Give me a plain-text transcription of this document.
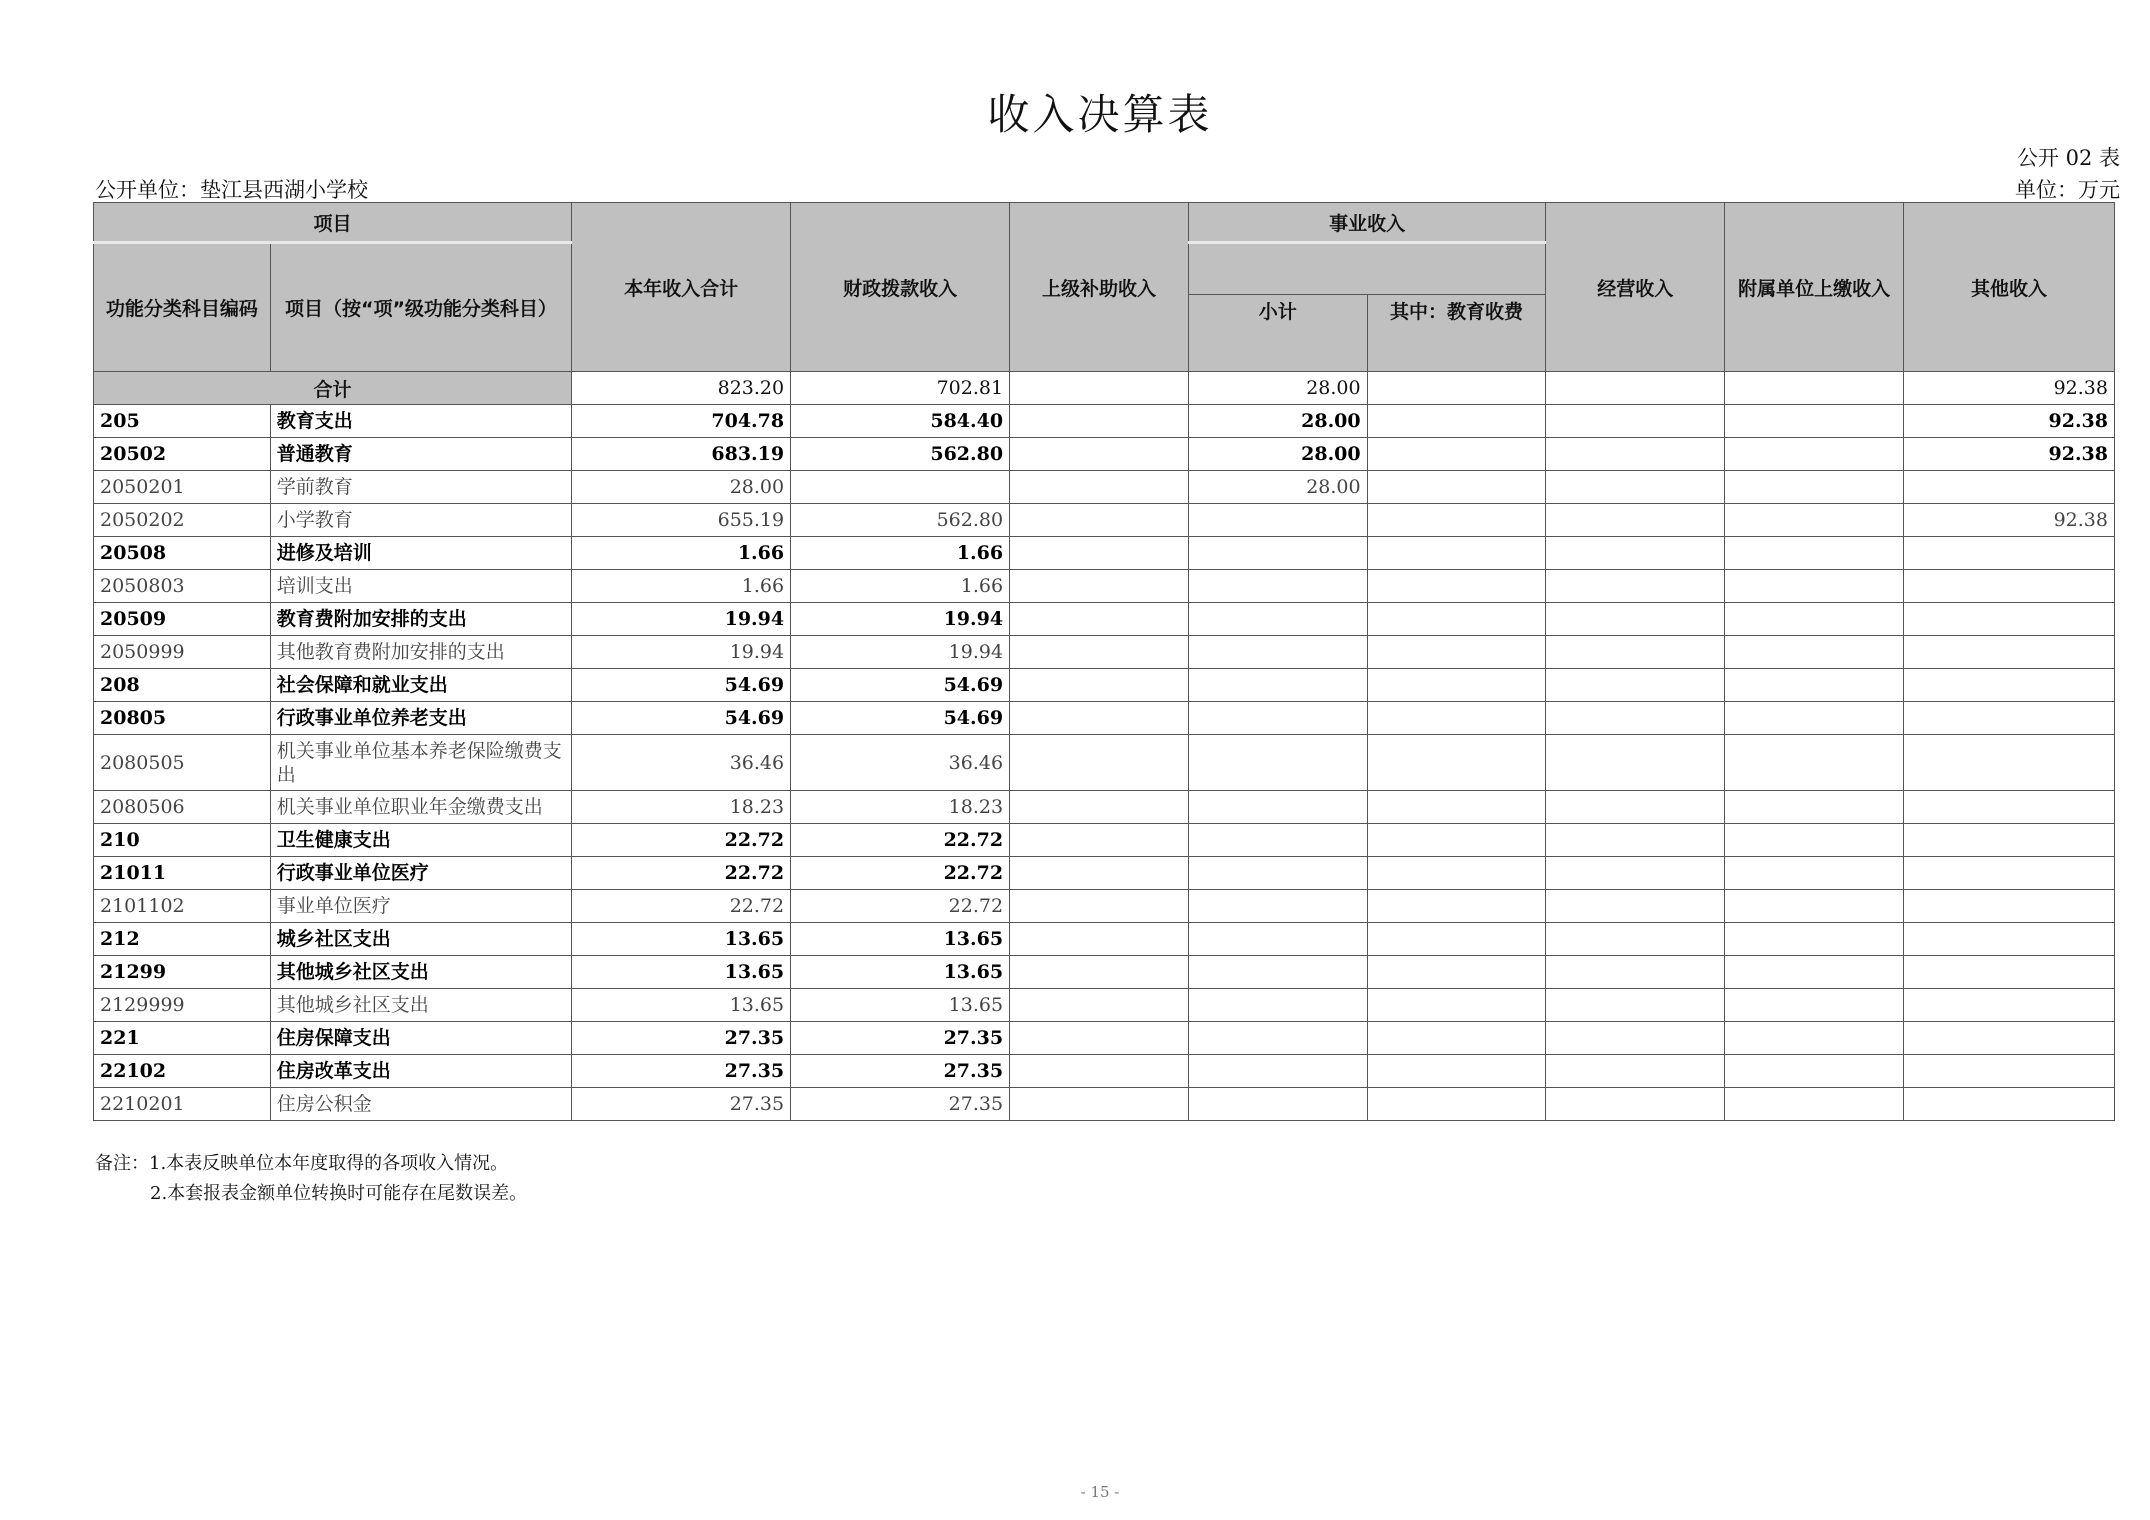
收入决算表
公开 02 表
公开单位：垫江县西湖小学校	单位：万元
项目		本年收入合计	财政拨款收入	上级补助收入	事业收入		经营收入	附属单位上缴收入	其他收入
功能分类科目编码	项目（按“项”级功能分类科目）								
					小计	其中：教育收费			
合计		823.20	702.81		28.00				92.38
205	教育支出	704.78	584.40		28.00				92.38
20502	普通教育	683.19	562.80		28.00				92.38
2050201	学前教育	28.00			28.00				
2050202	小学教育	655.19	562.80						92.38
20508	进修及培训	1.66	1.66						
2050803	培训支出	1.66	1.66						
20509	教育费附加安排的支出	19.94	19.94						
2050999	其他教育费附加安排的支出	19.94	19.94						
208	社会保障和就业支出	54.69	54.69						
20805	行政事业单位养老支出	54.69	54.69						
2080505	机关事业单位基本养老保险缴费支出	36.46	36.46						
2080506	机关事业单位职业年金缴费支出	18.23	18.23						
210	卫生健康支出	22.72	22.72						
21011	行政事业单位医疗	22.72	22.72						
2101102	事业单位医疗	22.72	22.72						
212	城乡社区支出	13.65	13.65						
21299	其他城乡社区支出	13.65	13.65						
2129999	其他城乡社区支出	13.65	13.65						
221	住房保障支出	27.35	27.35						
22102	住房改革支出	27.35	27.35						
2210201	住房公积金	27.35	27.35						
备注：1.本表反映单位本年度取得的各项收入情况。
2.本套报表金额单位转换时可能存在尾数误差。
- 15 -
